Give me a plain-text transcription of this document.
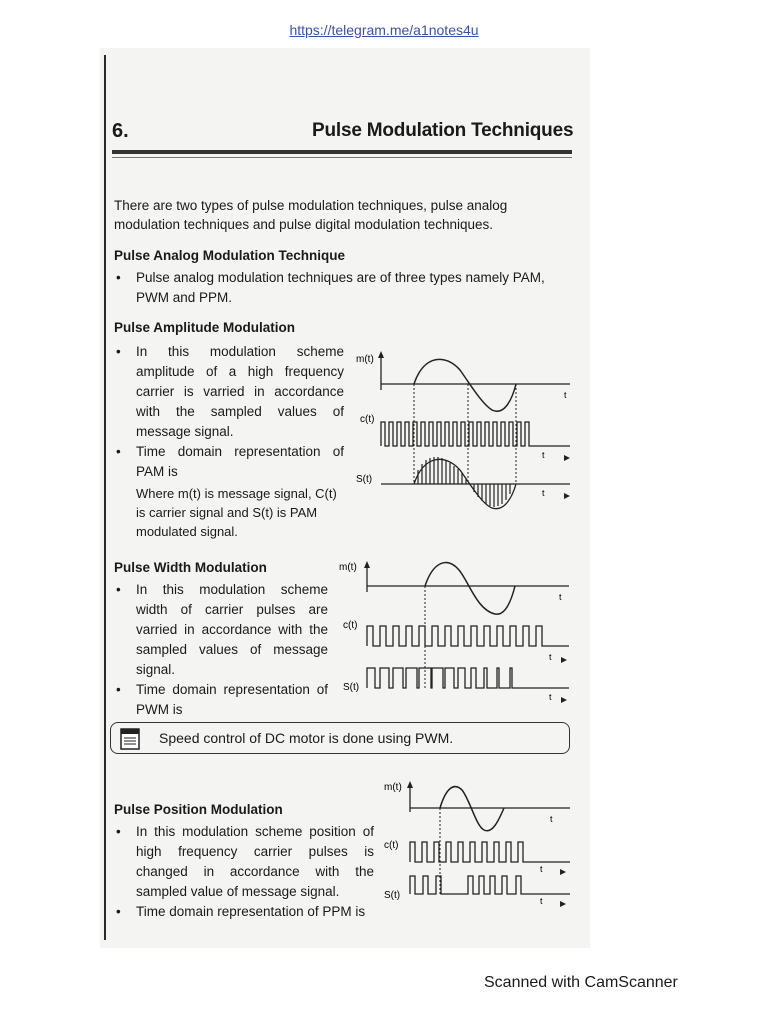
https://telegram.me/a1notes4u
6.	Pulse Modulation Techniques
There are two types of pulse modulation techniques, pulse analog modulation techniques and pulse digital modulation techniques.
Pulse Analog Modulation Technique
• Pulse analog modulation techniques are of three types namely PAM, PWM and PPM.
Pulse Amplitude Modulation
• In this modulation scheme amplitude of a high frequency carrier is varried in accordance with the sampled values of message signal.
• Time domain representation of PAM is
Where m(t) is message signal, C(t) is carrier signal and S(t) is PAM modulated signal.
m(t)
t
c(t)
t
S(t)
t
Pulse Width Modulation
• In this modulation scheme width of carrier pulses are varried in accordance with the sampled values of message signal.
• Time domain representation of PWM is
m(t)
t
c(t)
t
S(t)
t
Speed control of DC motor is done using PWM.
Pulse Position Modulation
• In this modulation scheme position of high frequency carrier pulses is changed in accordance with the sampled value of message signal.
• Time domain representation of PPM is
m(t)
t
c(t)
t
S(t)	t
Scanned with CamScanner
